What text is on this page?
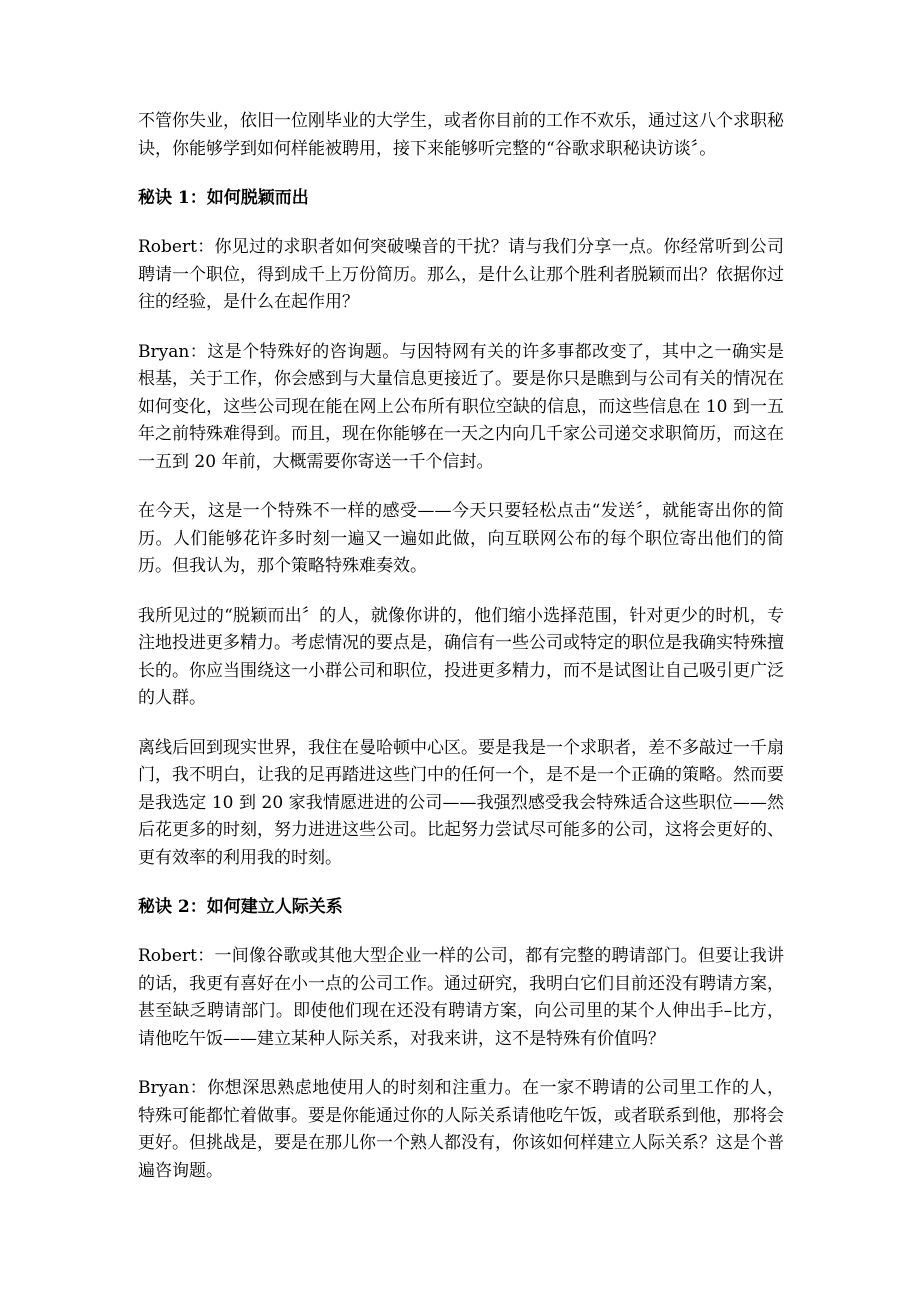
不管你失业，依旧一位刚毕业的大学生，或者你目前的工作不欢乐，通过这八个求职秘诀，你能够学到如何样能被聘用，接下来能够听完整的“谷歌求职秘诀访谈〞。

秘诀 1：如何脱颖而出

Robert：你见过的求职者如何突破噪音的干扰？请与我们分享一点。你经常听到公司聘请一个职位，得到成千上万份简历。那么，是什么让那个胜利者脱颖而出？依据你过往的经验，是什么在起作用？

Bryan：这是个特殊好的咨询题。与因特网有关的许多事都改变了，其中之一确实是根基，关于工作，你会感到与大量信息更接近了。要是你只是瞧到与公司有关的情况在如何变化，这些公司现在能在网上公布所有职位空缺的信息，而这些信息在 10 到一五年之前特殊难得到。而且，现在你能够在一天之内向几千家公司递交求职简历，而这在一五到 20 年前，大概需要你寄送一千个信封。

在今天，这是一个特殊不一样的感受——今天只要轻松点击“发送〞，就能寄出你的简历。人们能够花许多时刻一遍又一遍如此做，向互联网公布的每个职位寄出他们的简历。但我认为，那个策略特殊难奏效。

我所见过的“脱颖而出〞的人，就像你讲的，他们缩小选择范围，针对更少的时机，专注地投进更多精力。考虑情况的要点是，确信有一些公司或特定的职位是我确实特殊擅长的。你应当围绕这一小群公司和职位，投进更多精力，而不是试图让自己吸引更广泛的人群。

离线后回到现实世界，我住在曼哈顿中心区。要是我是一个求职者，差不多敲过一千扇门，我不明白，让我的足再踏进这些门中的任何一个，是不是一个正确的策略。然而要是我选定 10 到 20 家我情愿进进的公司——我强烈感受我会特殊适合这些职位——然后花更多的时刻，努力进进这些公司。比起努力尝试尽可能多的公司，这将会更好的、更有效率的利用我的时刻。

秘诀 2：如何建立人际关系

Robert：一间像谷歌或其他大型企业一样的公司，都有完整的聘请部门。但要让我讲的话，我更有喜好在小一点的公司工作。通过研究，我明白它们目前还没有聘请方案，甚至缺乏聘请部门。即使他们现在还没有聘请方案，向公司里的某个人伸出手–比方，请他吃午饭——建立某种人际关系，对我来讲，这不是特殊有价值吗？

Bryan：你想深思熟虑地使用人的时刻和注重力。在一家不聘请的公司里工作的人，特殊可能都忙着做事。要是你能通过你的人际关系请他吃午饭，或者联系到他，那将会更好。但挑战是，要是在那儿你一个熟人都没有，你该如何样建立人际关系？这是个普遍咨询题。
